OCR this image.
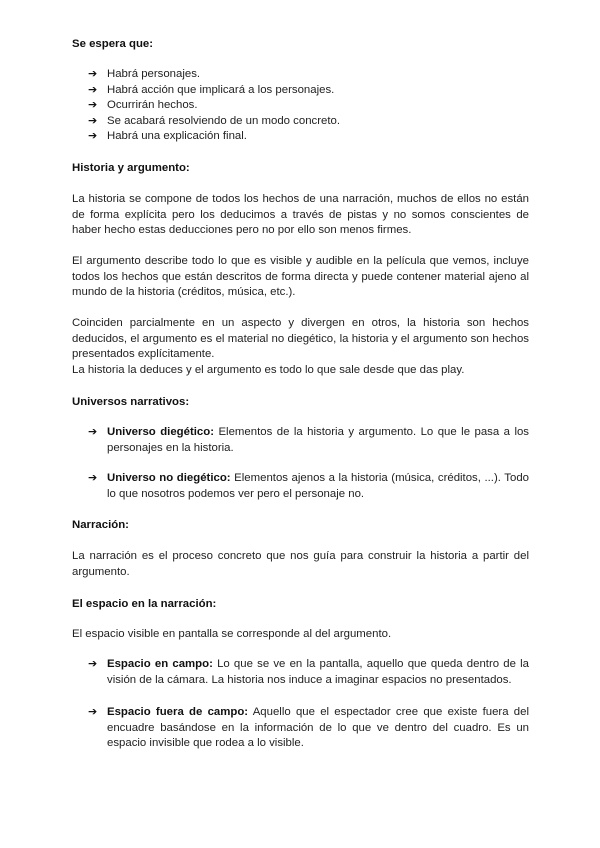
Se espera que:
➔ Habrá personajes.
➔ Habrá acción que implicará a los personajes.
➔ Ocurrirán hechos.
➔ Se acabará resolviendo de un modo concreto.
➔ Habrá una explicación final.
Historia y argumento:

La historia se compone de todos los hechos de una narración, muchos de ellos no están de forma explícita pero los deducimos a través de pistas y no somos conscientes de haber hecho estas deducciones pero no por ello son menos firmes.

El argumento describe todo lo que es visible y audible en la película que vemos, incluye todos los hechos que están descritos de forma directa y puede contener material ajeno al mundo de la historia (créditos, música, etc.).

Coinciden parcialmente en un aspecto y divergen en otros, la historia son hechos deducidos, el argumento es el material no diegético, la historia y el argumento son hechos presentados explícitamente.

La historia la deduces y el argumento es todo lo que sale desde que das play.

Universos narrativos:
➔ Universo diegético: Elementos de la historia y argumento. Lo que le pasa a los personajes en la historia.
➔ Universo no diegético: Elementos ajenos a la historia (música, créditos, ...). Todo lo que nosotros podemos ver pero el personaje no.
Narración:

La narración es el proceso concreto que nos guía para construir la historia a partir del argumento.

El espacio en la narración:

El espacio visible en pantalla se corresponde al del argumento.

➔ Espacio en campo: Lo que se ve en la pantalla, aquello que queda dentro de la visión de la cámara. La historia nos induce a imaginar espacios no presentados.
➔ Espacio fuera de campo: Aquello que el espectador cree que existe fuera del encuadre basándose en la información de lo que ve dentro del cuadro. Es un espacio invisible que rodea a lo visible.
